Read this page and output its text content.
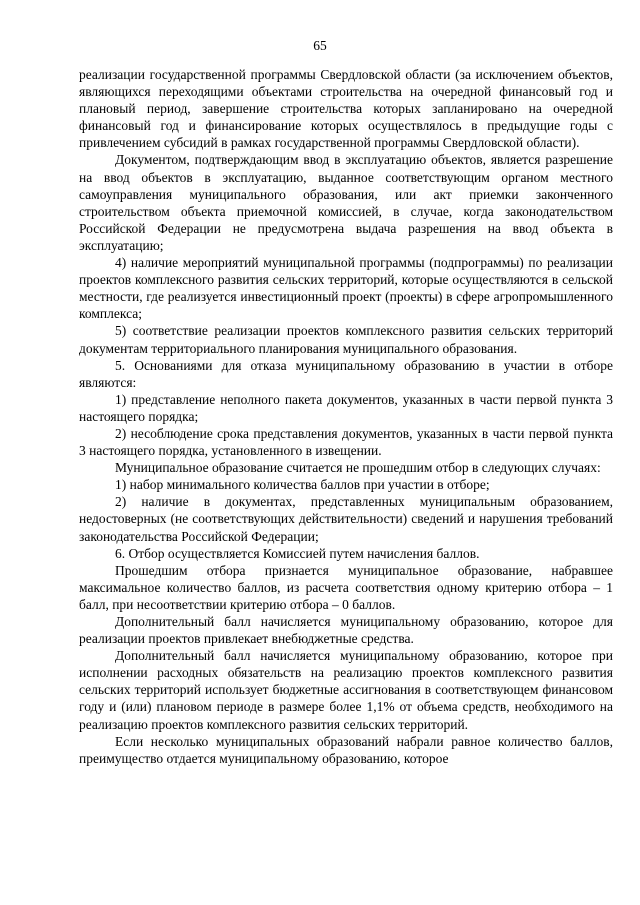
65

реализации государственной программы Свердловской области (за исключением объектов, являющихся переходящими объектами строительства на очередной финансовый год и плановый период, завершение строительства которых запланировано на очередной финансовый год и финансирование которых осуществлялось в предыдущие годы с привлечением субсидий в рамках государственной программы Свердловской области).

Документом, подтверждающим ввод в эксплуатацию объектов, является разрешение на ввод объектов в эксплуатацию, выданное соответствующим органом местного самоуправления муниципального образования, или акт приемки законченного строительством объекта приемочной комиссией, в случае, когда законодательством Российской Федерации не предусмотрена выдача разрешения на ввод объекта в эксплуатацию;

4) наличие мероприятий муниципальной программы (подпрограммы) по реализации проектов комплексного развития сельских территорий, которые осуществляются в сельской местности, где реализуется инвестиционный проект (проекты) в сфере агропромышленного комплекса;

5) соответствие реализации проектов комплексного развития сельских территорий документам территориального планирования муниципального образования.

5. Основаниями для отказа муниципальному образованию в участии в отборе являются:

1) представление неполного пакета документов, указанных в части первой пункта 3 настоящего порядка;

2) несоблюдение срока представления документов, указанных в части первой пункта 3 настоящего порядка, установленного в извещении.

Муниципальное образование считается не прошедшим отбор в следующих случаях:

1) набор минимального количества баллов при участии в отборе;

2) наличие в документах, представленных муниципальным образованием, недостоверных (не соответствующих действительности) сведений и нарушения требований законодательства Российской Федерации;

6. Отбор осуществляется Комиссией путем начисления баллов.

Прошедшим отбора признается муниципальное образование, набравшее максимальное количество баллов, из расчета соответствия одному критерию отбора – 1 балл, при несоответствии критерию отбора – 0 баллов.

Дополнительный балл начисляется муниципальному образованию, которое для реализации проектов привлекает внебюджетные средства.

Дополнительный балл начисляется муниципальному образованию, которое при исполнении расходных обязательств на реализацию проектов комплексного развития сельских территорий использует бюджетные ассигнования в соответствующем финансовом году и (или) плановом периоде в размере более 1,1% от объема средств, необходимого на реализацию проектов комплексного развития сельских территорий.

Если несколько муниципальных образований набрали равное количество баллов, преимущество отдается муниципальному образованию, которое
